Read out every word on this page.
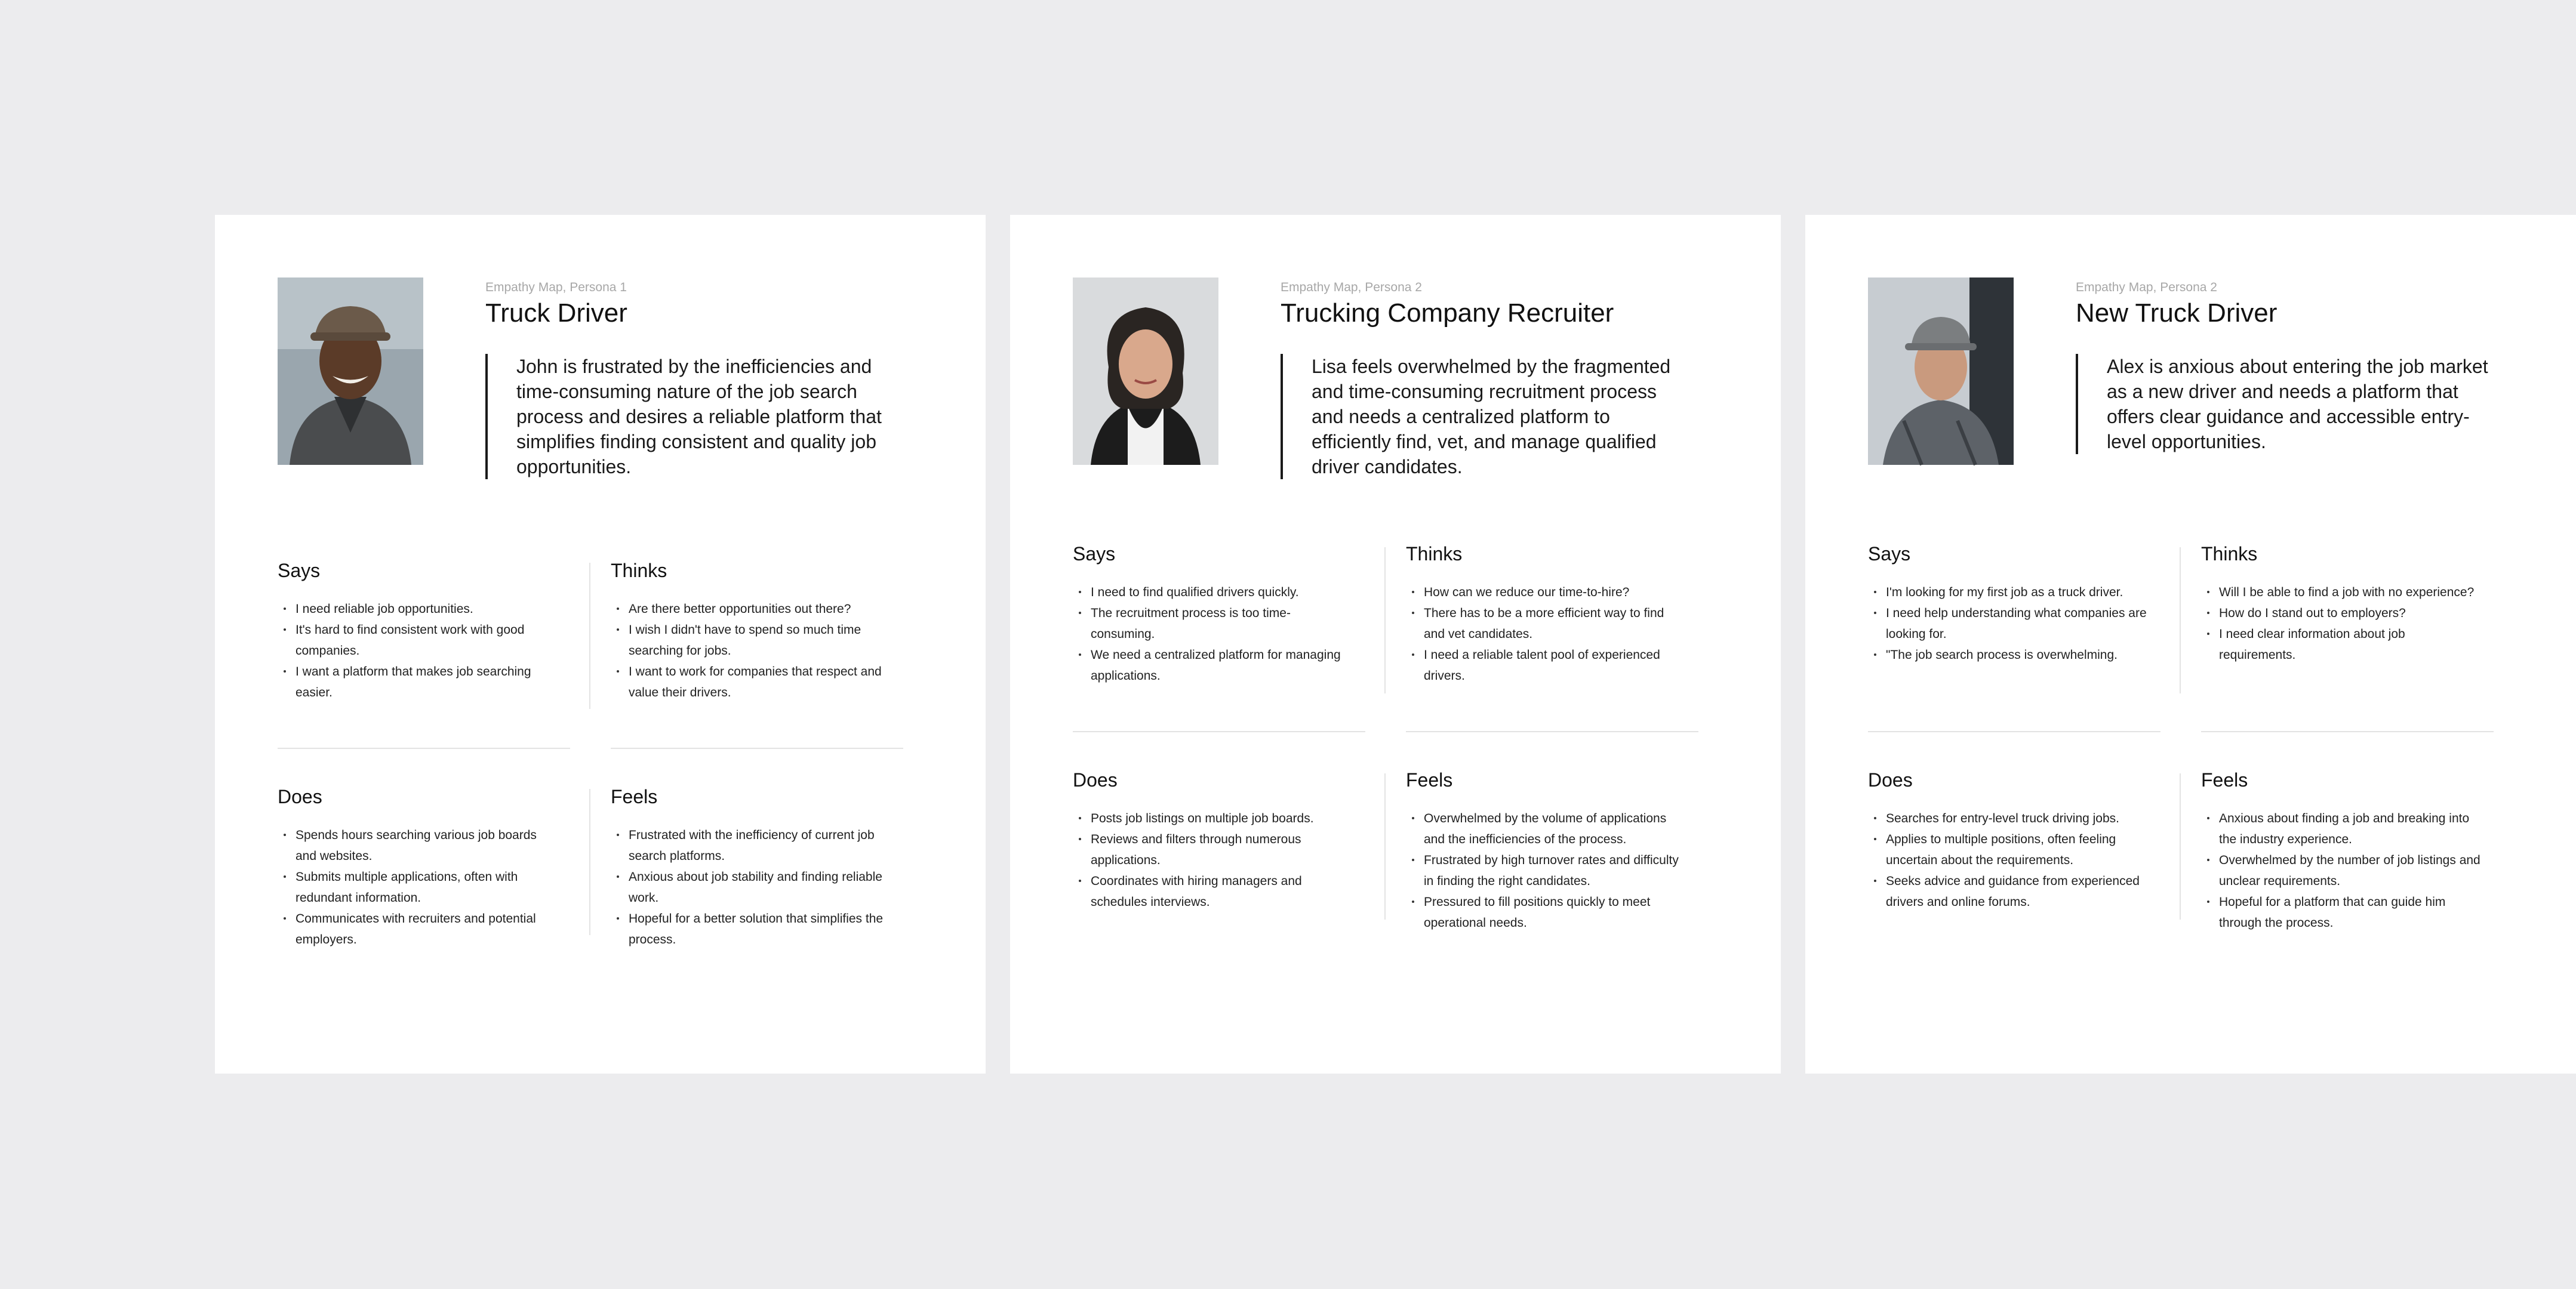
Empathy Map, Persona 1
Truck Driver
John is frustrated by the inefficiencies and time-consuming nature of the job search process and desires a reliable platform that simplifies finding consistent and quality job opportunities.
Says
I need reliable job opportunities.
It's hard to find consistent work with good companies.
I want a platform that makes job searching easier.
Thinks
Are there better opportunities out there?
I wish I didn't have to spend so much time searching for jobs.
I want to work for companies that respect and value their drivers.
Does
Spends hours searching various job boards and websites.
Submits multiple applications, often with redundant information.
Communicates with recruiters and potential employers.
Feels
Frustrated with the inefficiency of current job search platforms.
Anxious about job stability and finding reliable work.
Hopeful for a better solution that simplifies the process.
Empathy Map, Persona 2
Trucking Company Recruiter
Lisa feels overwhelmed by the fragmented and time-consuming recruitment process and needs a centralized platform to efficiently find, vet, and manage qualified driver candidates.
Says
I need to find qualified drivers quickly.
The recruitment process is too time-consuming.
We need a centralized platform for managing applications.
Thinks
How can we reduce our time-to-hire?
There has to be a more efficient way to find and vet candidates.
I need a reliable talent pool of experienced drivers.
Does
Posts job listings on multiple job boards.
Reviews and filters through numerous applications.
Coordinates with hiring managers and schedules interviews.
Feels
Overwhelmed by the volume of applications and the inefficiencies of the process.
Frustrated by high turnover rates and difficulty in finding the right candidates.
Pressured to fill positions quickly to meet operational needs.
Empathy Map, Persona 2
New Truck Driver
Alex is anxious about entering the job market as a new driver and needs a platform that offers clear guidance and accessible entry-level opportunities.
Says
I'm looking for my first job as a truck driver.
I need help understanding what companies are looking for.
"The job search process is overwhelming.
Thinks
Will I be able to find a job with no experience?
How do I stand out to employers?
I need clear information about job requirements.
Does
Searches for entry-level truck driving jobs.
Applies to multiple positions, often feeling uncertain about the requirements.
Seeks advice and guidance from experienced drivers and online forums.
Feels
Anxious about finding a job and breaking into the industry experience.
Overwhelmed by the number of job listings and unclear requirements.
Hopeful for a platform that can guide him through the process.
